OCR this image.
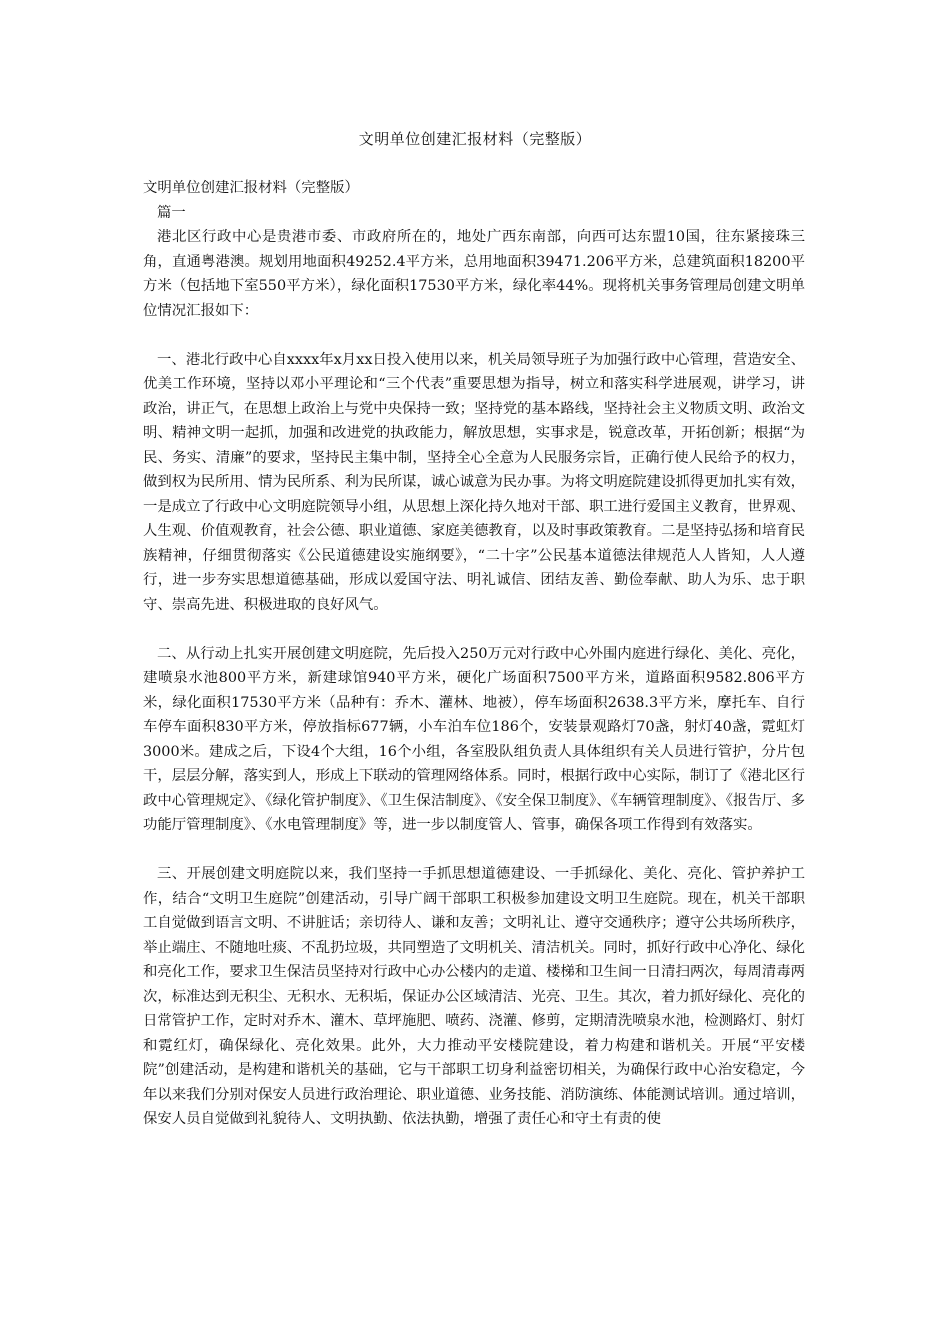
文明单位创建汇报材料（完整版）

文明单位创建汇报材料（完整版）

篇一

港北区行政中心是贵港市委、市政府所在的，地处广西东南部，向西可达东盟10国，往东紧接珠三角，直通粤港澳。规划用地面积49252.4平方米，总用地面积39471.206平方米，总建筑面积18200平方米（包括地下室550平方米），绿化面积17530平方米，绿化率44%。现将机关事务管理局创建文明单位情况汇报如下：

一、港北行政中心自xxxx年x月xx日投入使用以来，机关局领导班子为加强行政中心管理，营造安全、优美工作环境，坚持以邓小平理论和“三个代表”重要思想为指导，树立和落实科学进展观，讲学习，讲政治，讲正气，在思想上政治上与党中央保持一致；坚持党的基本路线，坚持社会主义物质文明、政治文明、精神文明一起抓，加强和改进党的执政能力，解放思想，实事求是，锐意改革，开拓创新；根据“为民、务实、清廉”的要求，坚持民主集中制，坚持全心全意为人民服务宗旨，正确行使人民给予的权力，做到权为民所用、情为民所系、利为民所谋，诚心诚意为民办事。为将文明庭院建设抓得更加扎实有效，一是成立了行政中心文明庭院领导小组，从思想上深化持久地对干部、职工进行爱国主义教育，世界观、人生观、价值观教育，社会公德、职业道德、家庭美德教育，以及时事政策教育。二是坚持弘扬和培育民族精神，仔细贯彻落实《公民道德建设实施纲要》，“二十字”公民基本道德法律规范人人皆知，人人遵行，进一步夯实思想道德基础，形成以爱国守法、明礼诚信、团结友善、勤俭奉献、助人为乐、忠于职守、崇高先进、积极进取的良好风气。

二、从行动上扎实开展创建文明庭院，先后投入250万元对行政中心外围内庭进行绿化、美化、亮化，建喷泉水池800平方米，新建球馆940平方米，硬化广场面积7500平方米，道路面积9582.806平方米，绿化面积17530平方米（品种有：乔木、灌林、地被），停车场面积2638.3平方米，摩托车、自行车停车面积830平方米，停放指标677辆，小车泊车位186个，安装景观路灯70盏，射灯40盏，霓虹灯3000米。建成之后，下设4个大组，16个小组，各室股队组负责人具体组织有关人员进行管护，分片包干，层层分解，落实到人，形成上下联动的管理网络体系。同时，根据行政中心实际，制订了《港北区行政中心管理规定》、《绿化管护制度》、《卫生保洁制度》、《安全保卫制度》、《车辆管理制度》、《报告厅、多功能厅管理制度》、《水电管理制度》等，进一步以制度管人、管事，确保各项工作得到有效落实。

三、开展创建文明庭院以来，我们坚持一手抓思想道德建设、一手抓绿化、美化、亮化、管护养护工作，结合“文明卫生庭院”创建活动，引导广阔干部职工积极参加建设文明卫生庭院。现在，机关干部职工自觉做到语言文明、不讲脏话；亲切待人、谦和友善；文明礼让、遵守交通秩序；遵守公共场所秩序，举止端庄、不随地吐痰、不乱扔垃圾，共同塑造了文明机关、清洁机关。同时，抓好行政中心净化、绿化和亮化工作，要求卫生保洁员坚持对行政中心办公楼内的走道、楼梯和卫生间一日清扫两次，每周清毒两次，标准达到无积尘、无积水、无积垢，保证办公区域清洁、光亮、卫生。其次，着力抓好绿化、亮化的日常管护工作，定时对乔木、灌木、草坪施肥、喷药、浇灌、修剪，定期清洗喷泉水池，检测路灯、射灯和霓红灯，确保绿化、亮化效果。此外，大力推动平安楼院建设，着力构建和谐机关。开展“平安楼院”创建活动，是构建和谐机关的基础，它与干部职工切身利益密切相关，为确保行政中心治安稳定，今年以来我们分别对保安人员进行政治理论、职业道德、业务技能、消防演练、体能测试培训。通过培训，保安人员自觉做到礼貌待人、文明执勤、依法执勤，增强了责任心和守土有责的使
